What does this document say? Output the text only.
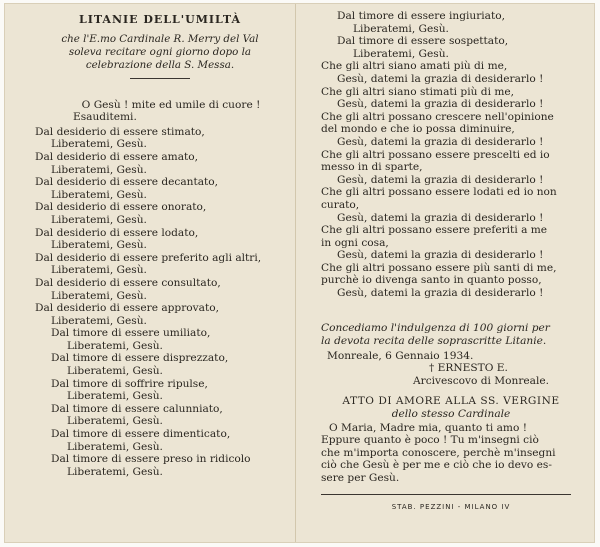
LITANIE DELL'UMILTÀ
che l'E.mo Cardinale R. Merry del Val
soleva recitare ogni giorno dopo la
celebrazione della S. Messa.
O Gesù ! mite ed umile di cuore !
Esauditemi.
Dal desiderio di essere stimato,
Liberatemi, Gesù.
Dal desiderio di essere amato,
Liberatemi, Gesù.
Dal desiderio di essere decantato,
Liberatemi, Gesù.
Dal desiderio di essere onorato,
Liberatemi, Gesù.
Dal desiderio di essere lodato,
Liberatemi, Gesù.
Dal desiderio di essere preferito agli altri,
Liberatemi, Gesù.
Dal desiderio di essere consultato,
Liberatemi, Gesù.
Dal desiderio di essere approvato,
Liberatemi, Gesù.
Dal timore di essere umiliato,
Liberatemi, Gesù.
Dal timore di essere disprezzato,
Liberatemi, Gesù.
Dal timore di soffrire ripulse,
Liberatemi, Gesù.
Dal timore di essere calunniato,
Liberatemi, Gesù.
Dal timore di essere dimenticato,
Liberatemi, Gesù.
Dal timore di essere preso in ridicolo
Liberatemi, Gesù.
Dal timore di essere ingiuriato,
Liberatemi, Gesù.
Dal timore di essere sospettato,
Liberatemi, Gesù.
Che gli altri siano amati più di me,
Gesù, datemi la grazia di desiderarlo !
Che gli altri siano stimati più di me,
Gesù, datemi la grazia di desiderarlo !
Che gli altri possano crescere nell'opinione
del mondo e che io possa diminuire,
Gesù, datemi la grazia di desiderarlo !
Che gli altri possano essere prescelti ed io
messo in di sparte,
Gesù, datemi la grazia di desiderarlo !
Che gli altri possano essere lodati ed io non
curato,
Gesù, datemi la grazia di desiderarlo !
Che gli altri possano essere preferiti a me
in ogni cosa,
Gesù, datemi la grazia di desiderarlo !
Che gli altri possano essere più santi di me,
purchè io divenga santo in quanto posso,
Gesù, datemi la grazia di desiderarlo !
Concediamo l'indulgenza di 100 giorni per
la devota recita delle soprascritte Litanie.
Monreale, 6 Gennaio 1934.
† ERNESTO E.
Arcivescovo di Monreale.
ATTO DI AMORE ALLA SS. VERGINE
dello stesso Cardinale
O Maria, Madre mia, quanto ti amo !
Eppure quanto è poco ! Tu m'insegni ciò
che m'importa conoscere, perchè m'insegni
ciò che Gesù è per me e ciò che io devo es-
sere per Gesù.
STAB. PEZZINI - MILANO IV
